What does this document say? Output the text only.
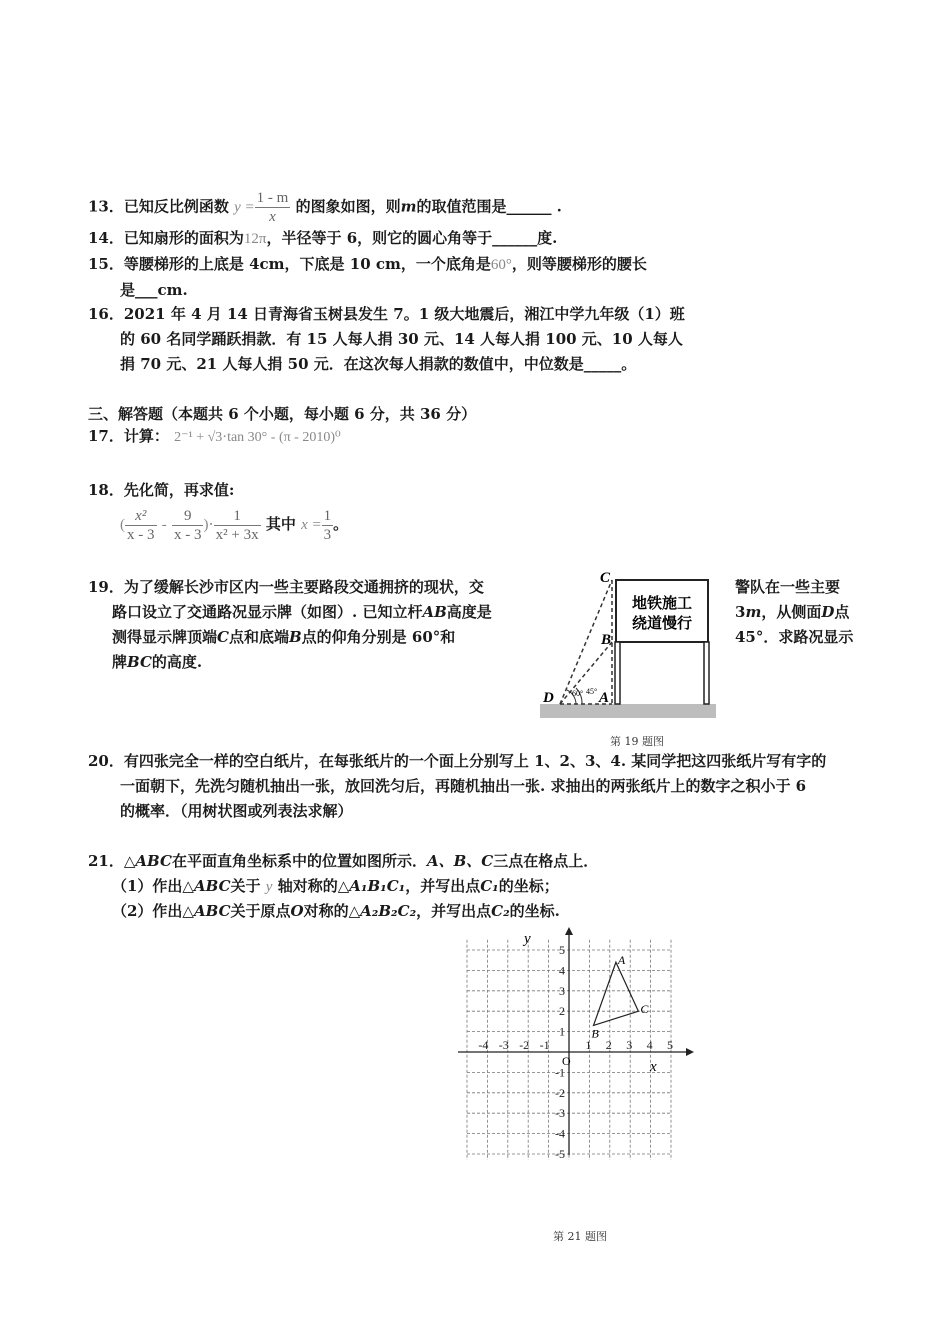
13．已知反比例函数 $y = \frac{1 - m}{x}$ 的图象如图，则m的取值范围是______ .
14．已知扇形的面积为12π，半径等于 6，则它的圆心角等于______度.
15．等腰梯形的上底是 4cm，下底是 10 cm，一个底角是60°，则等腰梯形的腰长
是___cm.
16．2021 年 4 月 14 日青海省玉树县发生 7。1 级大地震后，湘江中学九年级（1）班
的 60 名同学踊跃捐款．有 15 人每人捐 30 元、14 人每人捐 100 元、10 人每人
捐 70 元、21 人每人捐 50 元．在这次每人捐款的数值中，中位数是_____。
三、解答题（本题共 6 个小题，每小题 6 分，共 36 分）
17．计算： 2⁻¹ + √3⋅tan 30° - (π - 2010)⁰
18．先化简，再求值:
( $\frac{\text{x²}}{x - 3} - \frac{9}{x - 3}$ )⋅ $\frac{1}{\text{x² + 3x}}$ 其中 $x = \frac{1}{3}$ 。
19．为了缓解长沙市区内一些主要路段交通拥挤的现状，交	警队在一些主要
路口设立了交通路况显示牌（如图）. 已知立杆AB高度是	3m，从侧面D点
测得显示牌顶端C点和底端B点的仰角分别是 60°和	45°．求路况显示
牌BC的高度.
60° 45°
地铁施工
绕道慢行
C
B
D	A
第 19 题图
20．有四张完全一样的空白纸片，在每张纸片的一个面上分别写上 1、2、3、4. 某同学把这四张纸片写有字的
一面朝下，先洗匀随机抽出一张，放回洗匀后，再随机抽出一张. 求抽出的两张纸片上的数字之积小于 6
的概率．（用树状图或列表法求解）
21．△ABC在平面直角坐标系中的位置如图所示．A、B、C三点在格点上．
（1）作出△ABC关于 y 轴对称的△A₁B₁C₁，并写出点C₁的坐标；
（2）作出△ABC关于原点O对称的△A₂B₂C₂，并写出点C₂的坐标.
-4 -3 -2 -1	1 2 3 4 5
5
4
3
2
1
-1
-2
-3
-4
-5
y
x
O
A
B
C
第 21 题图
